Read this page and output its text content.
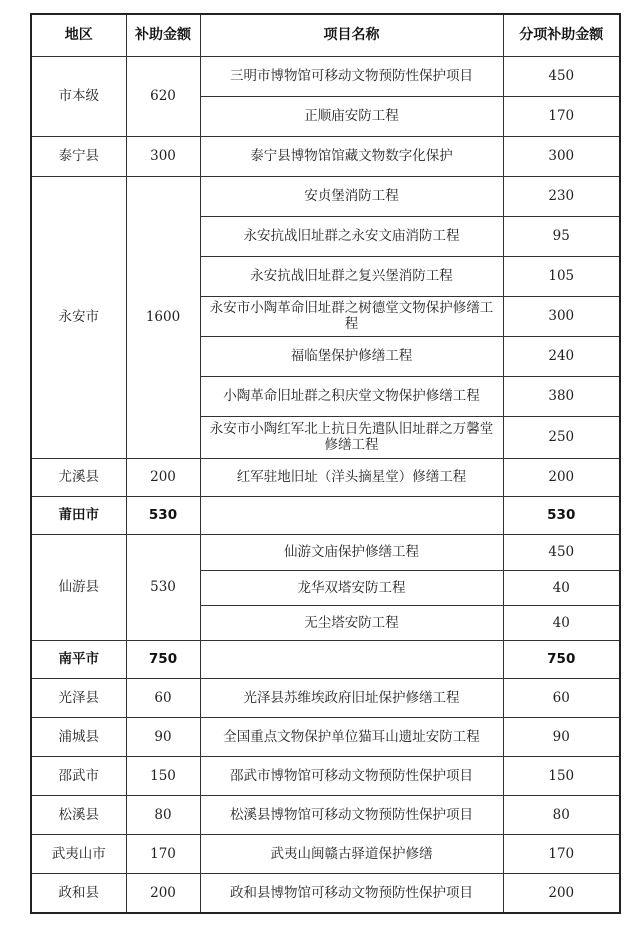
地区	补助金额	项目名称	分项补助金额
市本级	620	三明市博物馆可移动文物预防性保护项目	450
		正顺庙安防工程	170
泰宁县	300	泰宁县博物馆馆藏文物数字化保护	300
永安市	1600	安贞堡消防工程	230
		永安抗战旧址群之永安文庙消防工程	95
		永安抗战旧址群之复兴堡消防工程	105
		永安市小陶革命旧址群之树德堂文物保护修缮工程	300
		福临堡保护修缮工程	240
		小陶革命旧址群之积庆堂文物保护修缮工程	380
		永安市小陶红军北上抗日先遣队旧址群之万馨堂修缮工程	250
尤溪县	200	红军驻地旧址（洋头摘星堂）修缮工程	200
莆田市	530		530
仙游县	530	仙游文庙保护修缮工程	450
		龙华双塔安防工程	40
		无尘塔安防工程	40
南平市	750		750
光泽县	60	光泽县苏维埃政府旧址保护修缮工程	60
浦城县	90	全国重点文物保护单位猫耳山遗址安防工程	90
邵武市	150	邵武市博物馆可移动文物预防性保护项目	150
松溪县	80	松溪县博物馆可移动文物预防性保护项目	80
武夷山市	170	武夷山闽赣古驿道保护修缮	170
政和县	200	政和县博物馆可移动文物预防性保护项目	200
